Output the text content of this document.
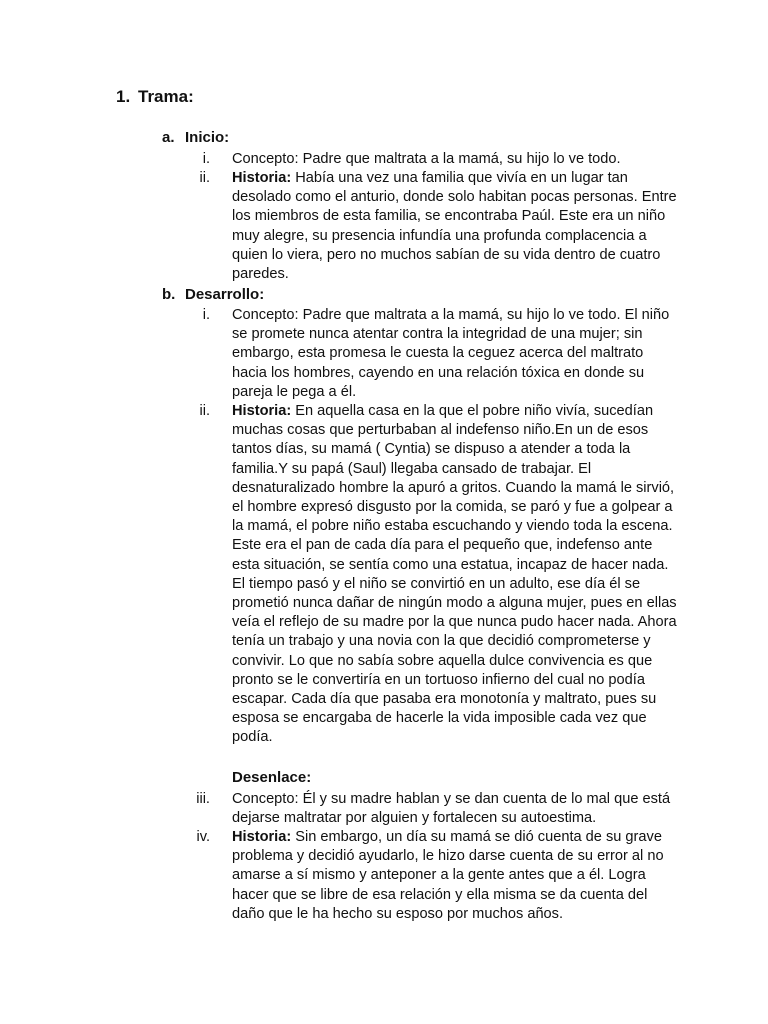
1. Trama:
a. Inicio:
i. Concepto: Padre que maltrata a la mamá, su hijo lo ve todo.

ii. Historia: Había una vez una familia que vivía en un lugar tan desolado como el anturio, donde solo habitan pocas personas. Entre los miembros de esta familia, se encontraba Paúl. Este era un niño muy alegre, su presencia infundía una profunda complacencia a quien lo viera, pero no muchos sabían de su vida dentro de cuatro paredes.

b. Desarrollo:
i. Concepto: Padre que maltrata a la mamá, su hijo lo ve todo. El niño se promete nunca atentar contra la integridad de una mujer; sin embargo, esta promesa le cuesta la ceguez acerca del maltrato hacia los hombres, cayendo en una relación tóxica en donde su pareja le pega a él.

ii. Historia: En aquella casa en la que el pobre niño vivía, sucedían muchas cosas que perturbaban al indefenso niño.En un de esos tantos días, su mamá ( Cyntia) se dispuso a atender a toda la familia.Y su papá (Saul) llegaba cansado de trabajar. El desnaturalizado hombre la apuró a gritos. Cuando la mamá le sirvió, el hombre expresó disgusto por la comida, se paró y fue a golpear a la mamá, el pobre niño estaba escuchando y viendo toda la escena. Este era el pan de cada día para el pequeño que, indefenso ante esta situación, se sentía como una estatua, incapaz de hacer nada.

El tiempo pasó y el niño se convirtió en un adulto, ese día él se prometió nunca dañar de ningún modo a alguna mujer, pues en ellas veía el reflejo de su madre por la que nunca pudo hacer nada. Ahora tenía un trabajo y una novia con la que decidió comprometerse y convivir. Lo que no sabía sobre aquella dulce convivencia es que pronto se le convertiría en un tortuoso infierno del cual no podía escapar. Cada día que pasaba era monotonía y maltrato, pues su esposa se encargaba de hacerle la vida imposible cada vez que podía.

Desenlace:
iii. Concepto: Él y su madre hablan y se dan cuenta de lo mal que está dejarse maltratar por alguien y fortalecen su autoestima.

iv. Historia: Sin embargo, un día su mamá se dió cuenta de su grave problema y decidió ayudarlo, le hizo darse cuenta de su error al no amarse a sí mismo y anteponer a la gente antes que a él. Logra hacer que se libre de esa relación y ella misma se da cuenta del daño que le ha hecho su esposo por muchos años.
